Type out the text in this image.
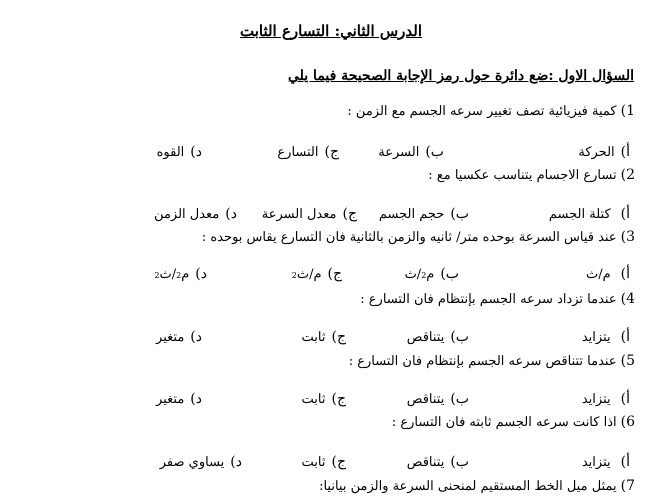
الدرس الثاني: التسارع الثابت
السؤال الاول :ضع دائرة حول رمز الإجابة الصحيحة فيما يلي
1)كمية فيزيائية تصف تغيير سرعه الجسم مع الزمن :
أ)
الحركة
ب)
السرعة
ج)
التسارع
د)
القوه
2)تسارع الاجسام يتناسب عكسيا مع :
أ)
كتلة الجسم
ب)
حجم الجسم
ج)
معدل السرعة
د)
معدل الزمن
3)عند قياس السرعة بوحده متر/ ثانيه والزمن بالثانية فان التسارع يقاس بوحده :
أ)
م/ث
ب)
م
2
/ث
ج)
م/ث
2
د)
م
2
/ث
2
4)عندما تزداد سرعه الجسم بإنتظام فان التسارع :
أ)
يتزايد
ب)
يتناقص
ج)
ثابت
د)
متغير
5)عندما تتناقص سرعه الجسم بإنتظام فان التسارع :
أ)
يتزايد
ب)
يتناقص
ج)
ثابت
د)
متغير
6)اذا كانت سرعه الجسم ثابته فان التسارع :
أ)
يتزايد
ب)
يتناقص
ج)
ثابت
د)
يساوي صفر
7)يمثل ميل الخط المستقيم لمنحنى السرعة والزمن بيانيا:
